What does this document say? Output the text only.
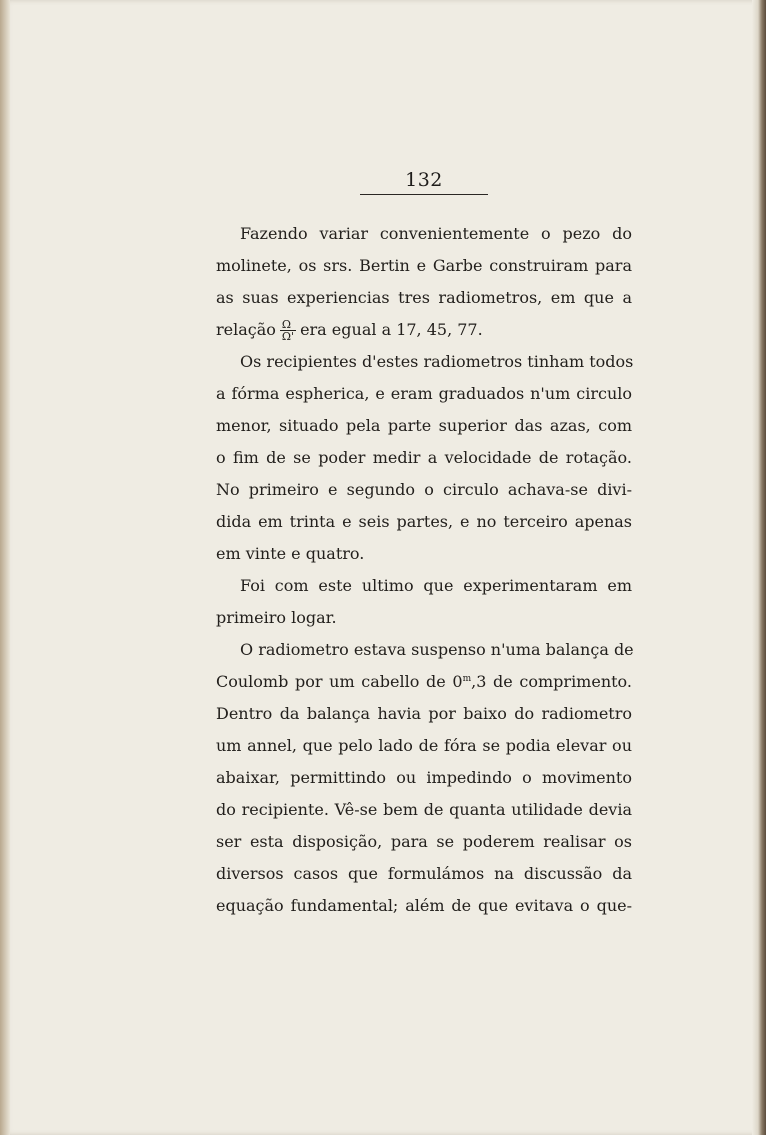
132
Fazendo variar convenientemente o pezo do
molinete, os srs. Bertin e Garbe construiram para
as suas experiencias tres radiometros, em que a
relação $\frac{\Omega}{\Omega'}$ era egual a 17, 45, 77.
Os recipientes d'estes radiometros tinham todos
a fórma espherica, e eram graduados n'um circulo
menor, situado pela parte superior das azas, com
o fim de se poder medir a velocidade de rotação.
No primeiro e segundo o circulo achava-se divi-
dida em trinta e seis partes, e no terceiro apenas
em vinte e quatro.
Foi com este ultimo que experimentaram em
primeiro logar.
O radiometro estava suspenso n'uma balança de
Coulomb por um cabello de 0$^m$,3 de comprimento.
Dentro da balança havia por baixo do radiometro
um annel, que pelo lado de fóra se podia elevar ou
abaixar, permittindo ou impedindo o movimento
do recipiente. Vê-se bem de quanta utilidade devia
ser esta disposição, para se poderem realisar os
diversos casos que formulámos na discussão da
equação fundamental; além de que evitava o que-
